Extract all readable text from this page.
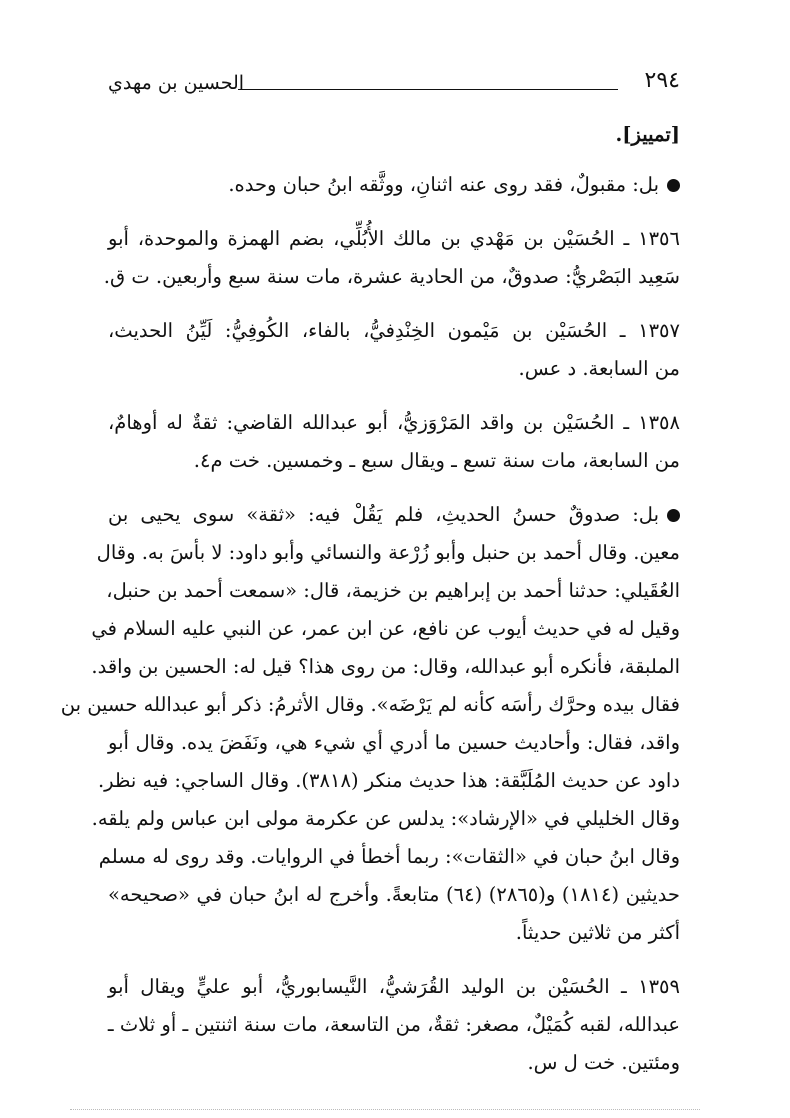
٢٩٤
الحسين بن مهدي
[تمييز].
بل: مقبولٌ، فقد روى عنه اثنانِ، ووثَّقه ابنُ حبان وحده.
١٣٥٦ ـ الحُسَيْن بن مَهْدي بن مالك الأُبُلِّي، بضم الهمزة والموحدة، أبو
سَعِيد البَصْريُّ: صدوقٌ، من الحادية عشرة، مات سنة سبع وأربعين. ت ق.
١٣٥٧ ـ الحُسَيْن بن مَيْمون الخِنْدِفيُّ، بالفاء، الكُوفِيُّ: لَيِّنُ الحديث،
من السابعة. د عس.
١٣٥٨ ـ الحُسَيْن بن واقد المَرْوَزيُّ، أبو عبدالله القاضي: ثقةٌ له أوهامٌ،
من السابعة، مات سنة تسع ـ ويقال سبع ـ وخمسين. خت م٤.
بل: صدوقٌ حسنُ الحديثِ، فلم يَقُلْ فيه: «ثقة» سوى يحيى بن
معين. وقال أحمد بن حنبل وأبو زُرْعة والنسائي وأبو داود: لا بأسَ به. وقال
العُقَيلي: حدثنا أحمد بن إبراهيم بن خزيمة، قال: «سمعت أحمد بن حنبل،
وقيل له في حديث أيوب عن نافع، عن ابن عمر، عن النبي عليه السلام في
الملبقة، فأنكره أبو عبدالله، وقال: من روى هذا؟ قيل له: الحسين بن واقد.
فقال بيده وحرَّك رأسَه كأنه لم يَرْضَه». وقال الأثرمُ: ذكر أبو عبدالله حسين بن
واقد، فقال: وأحاديث حسين ما أدري أي شيء هي، ونَفَضَ يده. وقال أبو
داود عن حديث المُلَبَّقة: هذا حديث منكر (٣٨١٨). وقال الساجي: فيه نظر.
وقال الخليلي في «الإرشاد»: يدلس عن عكرمة مولى ابن عباس ولم يلقه.
وقال ابنُ حبان في «الثقات»: ربما أخطأ في الروايات. وقد روى له مسلم
حديثين (١٨١٤) و(٢٨٦٥) (٦٤) متابعةً. وأخرج له ابنُ حبان في «صحيحه»
أكثر من ثلاثين حديثاً.
١٣٥٩ ـ الحُسَيْن بن الوليد القُرَشيُّ، النَّيسابوريُّ، أبو عليٍّ ويقال أبو
عبدالله، لقبه كُمَيْلٌ، مصغر: ثقةٌ، من التاسعة، مات سنة اثنتين ـ أو ثلاث ـ
ومئتين. خت ل س.
